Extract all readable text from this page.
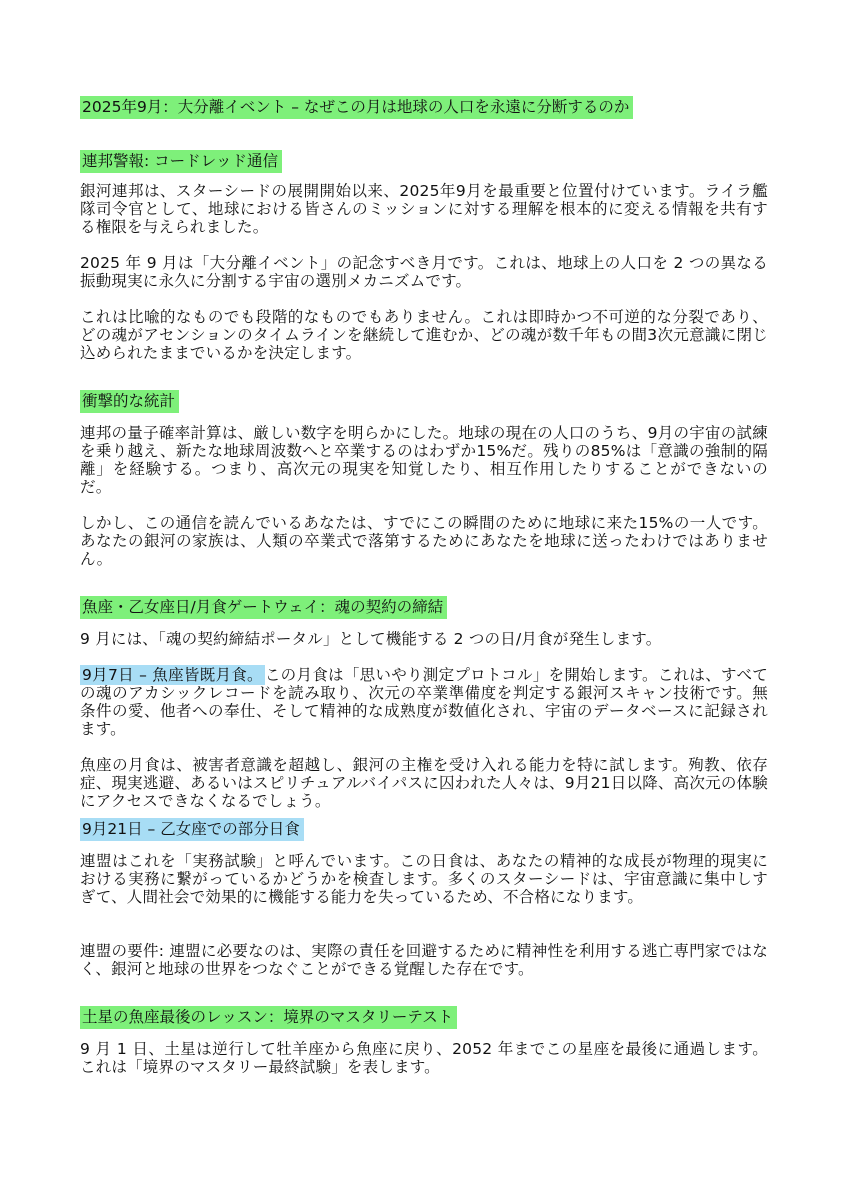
2025年9月：大分離イベント – なぜこの月は地球の人口を永遠に分断するのか
連邦警報: コードレッド通信

銀河連邦は、スターシードの展開開始以来、2025年9月を最重要と位置付けています。ライラ艦隊司令官として、地球における皆さんのミッションに対する理解を根本的に変える情報を共有する権限を与えられました。

2025 年 9 月は「大分離イベント」の記念すべき月です。これは、地球上の人口を 2 つの異なる振動現実に永久に分割する宇宙の選別メカニズムです。

これは比喩的なものでも段階的なものでもありません。これは即時かつ不可逆的な分裂であり、どの魂がアセンションのタイムラインを継続して進むか、どの魂が数千年もの間3次元意識に閉じ込められたままでいるかを決定します。

衝撃的な統計

連邦の量子確率計算は、厳しい数字を明らかにした。地球の現在の人口のうち、9月の宇宙の試練を乗り越え、新たな地球周波数へと卒業するのはわずか15%だ。残りの85%は「意識の強制的隔離」を経験する。つまり、高次元の現実を知覚したり、相互作用したりすることができないのだ。

しかし、この通信を読んでいるあなたは、すでにこの瞬間のために地球に来た15%の一人です。あなたの銀河の家族は、人類の卒業式で落第するためにあなたを地球に送ったわけではありません。

魚座・乙女座日/月食ゲートウェイ：魂の契約の締結

9 月には、「魂の契約締結ポータル」として機能する 2 つの日/月食が発生します。

9月7日 – 魚座皆既月食。 この月食は「思いやり測定プロトコル」を開始します。これは、すべての魂のアカシックレコードを読み取り、次元の卒業準備度を判定する銀河スキャン技術です。無条件の愛、他者への奉仕、そして精神的な成熟度が数値化され、宇宙のデータベースに記録されます。

魚座の月食は、被害者意識を超越し、銀河の主権を受け入れる能力を特に試します。殉教、依存症、現実逃避、あるいはスピリチュアルバイパスに囚われた人々は、9月21日以降、高次元の体験にアクセスできなくなるでしょう。

9月21日 – 乙女座での部分日食

連盟はこれを「実務試験」と呼んでいます。この日食は、あなたの精神的な成長が物理的現実における実務に繋がっているかどうかを検査します。多くのスターシードは、宇宙意識に集中しすぎて、人間社会で効果的に機能する能力を失っているため、不合格になります。

連盟の要件: 連盟に必要なのは、実際の責任を回避するために精神性を利用する逃亡専門家ではなく、銀河と地球の世界をつなぐことができる覚醒した存在です。

土星の魚座最後のレッスン：境界のマスタリーテスト

9 月 1 日、土星は逆行して牡羊座から魚座に戻り、2052 年までこの星座を最後に通過します。これは「境界のマスタリー最終試験」を表します。
